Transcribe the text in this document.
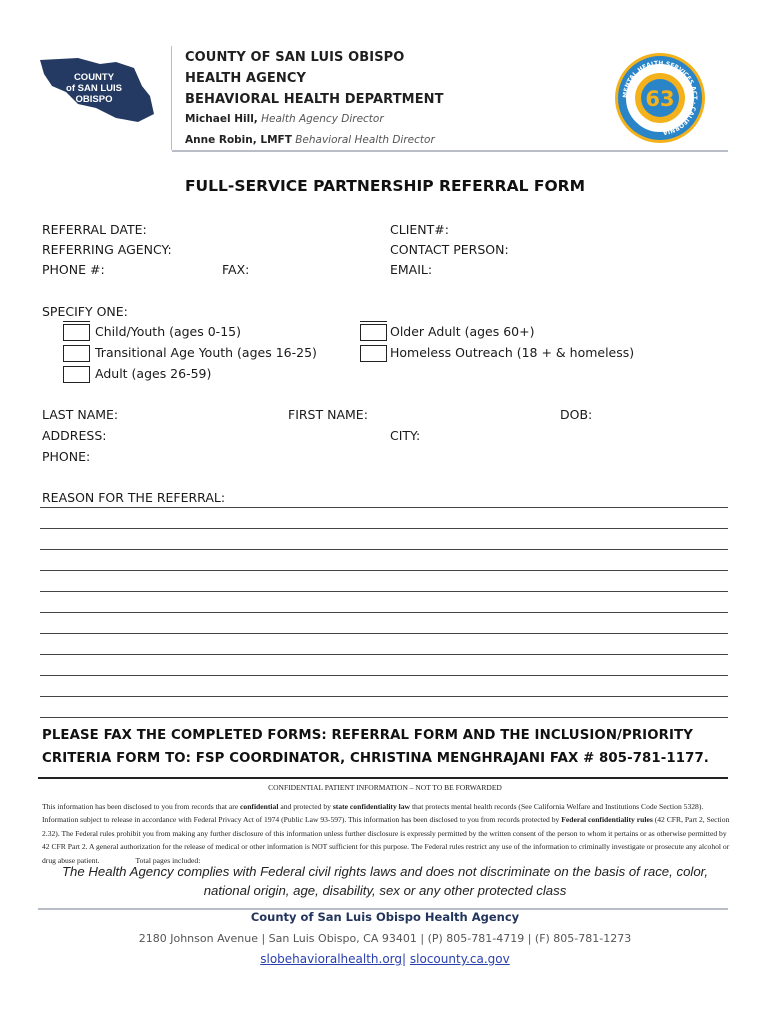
COUNTY
of SAN LUIS
OBISPO
COUNTY OF SAN LUIS OBISPO
HEALTH AGENCY
BEHAVIORAL HEALTH DEPARTMENT
Michael Hill, Health Agency Director
Anne Robin, LMFT Behavioral Health Director
MENTAL HEALTH SERVICES ACT · CALIFORNIA
63
FULL-SERVICE PARTNERSHIP REFERRAL FORM
REFERRAL DATE:	CLIENT#:
REFERRING AGENCY:	CONTACT PERSON:
PHONE #:	FAX:	EMAIL:
SPECIFY ONE:
Child/Youth (ages 0-15)
Transitional Age Youth (ages 16-25)
Adult (ages 26-59)
Older Adult (ages 60+)
Homeless Outreach (18 + & homeless)
LAST NAME:	FIRST NAME:	DOB:
ADDRESS:	CITY:
PHONE:
REASON FOR THE REFERRAL:
PLEASE FAX THE COMPLETED FORMS: REFERRAL FORM AND THE INCLUSION/PRIORITY
CRITERIA FORM TO: FSP COORDINATOR, CHRISTINA MENGHRAJANI FAX # 805-781-1177.
CONFIDENTIAL PATIENT INFORMATION – NOT TO BE FORWARDED
This information has been disclosed to you from records that are confidential and protected by state confidentiality law that protects mental health records (See California Welfare and Institutions Code Section 5328). Information subject to release in accordance with Federal Privacy Act of 1974 (Public Law 93-597). This information has been disclosed to you from records protected by Federal confidentiality rules (42 CFR, Part 2, Section 2.32). The Federal rules prohibit you from making any further disclosure of this information unless further disclosure is expressly permitted by the written consent of the person to whom it pertains or as otherwise permitted by 42 CFR Part 2. A general authorization for the release of medical or other information is NOT sufficient for this purpose. The Federal rules restrict any use of the information to criminally investigate or prosecute any alcohol or drug abuse patient.	Total pages included:
The Health Agency complies with Federal civil rights laws and does not discriminate on the basis of race, color, national origin, age, disability, sex or any other protected class
County of San Luis Obispo Health Agency
2180 Johnson Avenue | San Luis Obispo, CA 93401 | (P) 805-781-4719 | (F) 805-781-1273
slobehavioralhealth.org| slocounty.ca.gov
